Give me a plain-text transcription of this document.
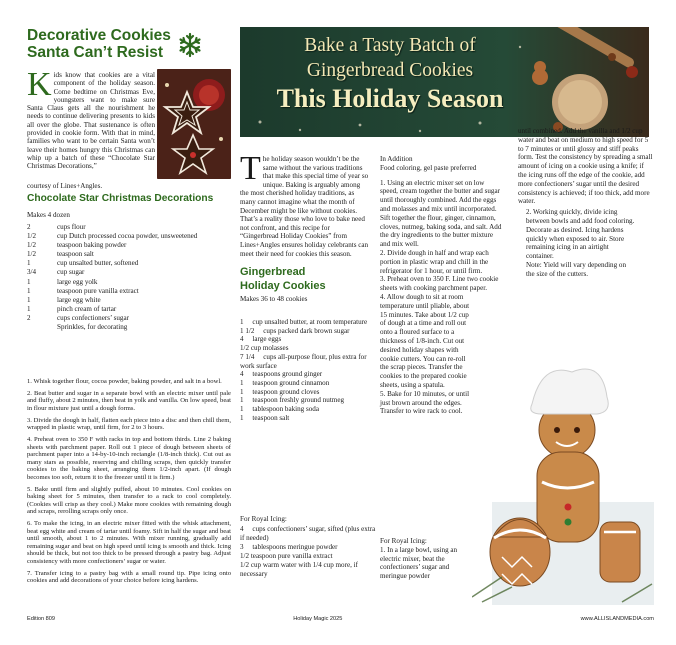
Decorative Cookies
Santa Can’t Resist
Kids know that cookies are a vital component of the holiday season. Come bedtime on Christmas Eve, youngsters want to make sure Santa Claus gets all the nourishment he needs to continue delivering presents to kids all over the globe. That sustenance is often provided in cookie form. With that in mind, families who want to be certain Santa won’t leave their homes hungry this Christmas can whip up a batch of these “Chocolate Star Christmas Decorations,”
courtesy of Lines+Angles.
Chocolate Star Christmas Decorations
Makes 4 dozen
2	cups flour
1/2	cup Dutch processed cocoa powder, unsweetened
1/2	teaspoon baking powder
1/2	teaspoon salt
1	cup unsalted butter, softened
3/4	cup sugar
1	large egg yolk
1	teaspoon pure vanilla extract
1	large egg white
1	pinch cream of tartar
2	cups confectioners’ sugar
Sprinkles, for decorating

1. Whisk together flour, cocoa powder, baking powder, and salt in a bowl.

2. Beat butter and sugar in a separate bowl with an electric mixer until pale and fluffy, about 2 minutes, then beat in yolk and vanilla. On low speed, beat in flour mixture just until a dough forms.

3. Divide the dough in half, flatten each piece into a disc and then chill them, wrapped in plastic wrap, until firm, for 2 to 3 hours.

4. Preheat oven to 350 F with racks in top and bottom thirds. Line 2 baking sheets with parchment paper. Roll out 1 piece of dough between sheets of parchment paper into a 14-by-10-inch rectangle (1/8-inch thick). Cut out as many stars as possible, reserving and chilling scraps, then quickly transfer cookies to the baking sheet, arranging them 1/2-inch apart. (If dough becomes too soft, return it to the freezer until it is firm.)

5. Bake until firm and slightly puffed, about 10 minutes. Cool cookies on baking sheet for 5 minutes, then transfer to a rack to cool completely. (Cookies will crisp as they cool.) Make more cookies with remaining dough and scraps, rerolling scraps only once.

6. To make the icing, in an electric mixer fitted with the whisk attachment, beat egg white and cream of tartar until foamy. Sift in half the sugar and beat until smooth, about 1 to 2 minutes. With mixer running, gradually add remaining sugar and beat on high speed until icing is smooth and thick. Icing should be thick, but not too thick to be pressed through a pastry bag. Adjust consistency with more confectioners’ sugar or water.

7. Transfer icing to a pastry bag with a small round tip. Pipe icing onto cookies and add decorations of your choice before icing hardens.

Bake a Tasty Batch of
Gingerbread Cookies
This Holiday Season
The holiday season wouldn’t be the same without the various traditions that make this special time of year so unique. Baking is arguably among the most cherished holiday traditions, as many cannot imagine what the month of December might be like without cookies. That’s a reality those who love to bake need not confront, and this recipe for “Gingerbread Holiday Cookies” from Lines+Angles ensures holiday celebrants can meet their need for cookies this season.
Gingerbread
Holiday Cookies
Makes 36 to 48 cookies
1     cup unsalted butter, at room temperature
1 1/2     cups packed dark brown sugar
4     large eggs
1/2 cup molasses
7 1/4     cups all-purpose flour, plus extra for work surface
4     teaspoons ground ginger
1     teaspoon ground cinnamon
1     teaspoon ground cloves
1     teaspoon freshly ground nutmeg
1     tablespoon baking soda
1     teaspoon salt
For Royal Icing:
4     cups confectioners’ sugar, sifted (plus extra if needed)
3     tablespoons meringue powder
1/2 teaspoon pure vanilla extract
1/2 cup warm water with 1/4 cup more, if necessary

In Addition

Food coloring, gel paste preferred

1. Using an electric mixer set on low speed, cream together the butter and sugar until thoroughly combined. Add the eggs and molasses and mix until incorporated. Sift together the flour, ginger, cinnamon, cloves, nutmeg, baking soda, and salt. Add the dry ingredients to the butter mixture and mix well.
2. Divide dough in half and wrap each portion in plastic wrap and chill in the refrigerator for 1 hour, or until firm.
3. Preheat oven to 350 F. Line two cookie sheets with cooking parchment paper.
4. Allow dough to sit at room temperature until pliable, about 15 minutes. Take about 1/2 cup of dough at a time and roll out onto a floured surface to a thickness of 1/8-inch. Cut out desired holiday shapes with cookie cutters. You can re-roll the scrap pieces. Transfer the cookies to the prepared cookie sheets, using a spatula.
5. Bake for 10 minutes, or until just brown around the edges. Transfer to wire rack to cool.
For Royal Icing:
1. In a large bowl, using an electric mixer, beat the confectioners’ sugar and meringue powder
until combined. Add the vanilla and 1/2 cup water and beat on medium to high speed for 5 to 7 minutes or until glossy and stiff peaks form. Test the consistency by spreading a small amount of icing on a cookie using a knife; if the icing runs off the edge of the cookie, add more confectioners’ sugar until the desired consistency is achieved; if too thick, add more water.
2. Working quickly, divide icing between bowls and add food coloring. Decorate as desired. Icing hardens quickly when exposed to air. Store remaining icing in an airtight container.
Note: Yield will vary depending on the size of the cutters.
Edition 809	Holiday Magic 2025	www.ALLISLANDMEDIA.com
